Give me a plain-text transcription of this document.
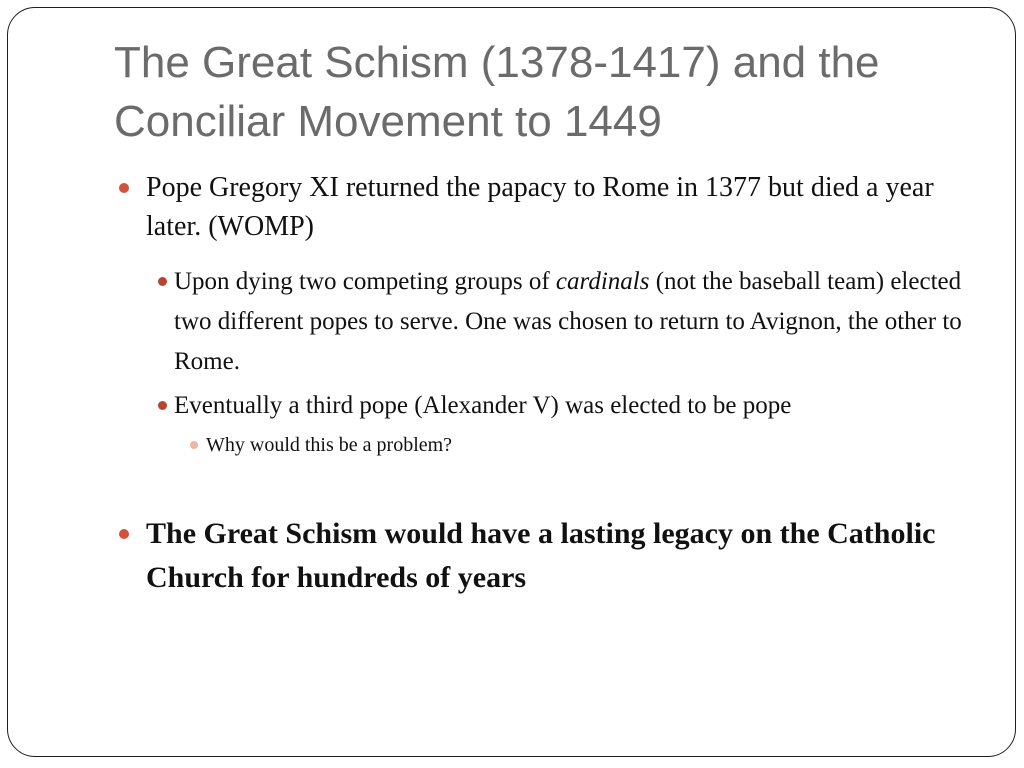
The Great Schism (1378-1417) and the Conciliar Movement to 1449
Pope Gregory XI returned the papacy to Rome in 1377 but died a year later. (WOMP)
Upon dying two competing groups of cardinals (not the baseball team) elected two different popes to serve. One was chosen to return to Avignon, the other to Rome.
Eventually a third pope (Alexander V) was elected to be pope
Why would this be a problem?
The Great Schism would have a lasting legacy on the Catholic Church for hundreds of years
